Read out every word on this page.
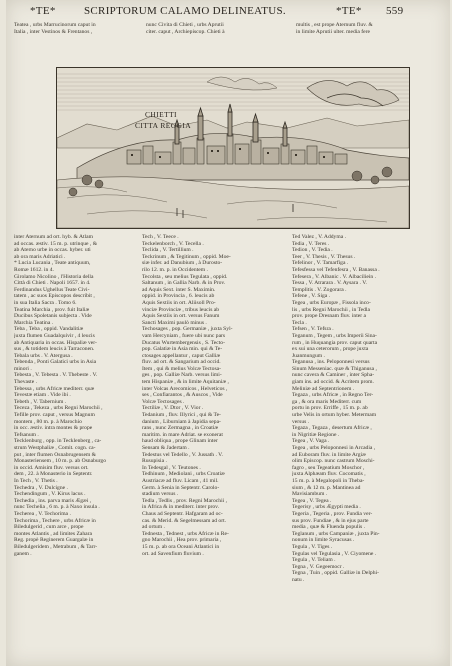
*TE*	SCRIPTORUM CALAMO DELINEATUS.	*TE* 559
Teatea , urbs Marrucinorum caput in
Italia , inter Vestinos & Frentanos ,
nunc Civita di Chieti , urbs Aprutii
citer. caput , Archiepiscop. Chieti à
multis , est prope Aternum fluv. &
in limite Aprutii ulter. media fere
CHIETTI
CITTA REGGIA
inter Aternum ad ort. hyb. & Atlam
ad occas. æstiv. 15 m. p. utrinque , &
ab Aterno urbe in occas. hyber. uti
ab ora maris Adriatici .
* Lucia Lucania , Teate antiquum,
Romæ 1612. in 4.
Girolamo Nicolino , l'Historia della
Città di Chieti . Napoli 1657. in 4.
Ferdinandus Ughellus Teate Civi-
tatem , ac suos Episcopos describit ,
in sua Italia Sacra . Tomo 6.
Teatina Marchia , prov. fuit Italiæ
Ducibus Spoletanis subjecta . Vide
Marchia Teatina .
Teba , Teba , oppid. Vandalitiæ
juxta flumen Guadalquivir , 4 leucis
ab Antiquaria in occas. Hispaliæ ver-
sus , & totidem leucis à Tarraconen.
Tebala urbs . V. Atergusa .
Tebenda , Ponti Galatici urbs in Asia
minori .
Tebesta , V. Tebesta . V. Thebeste . V.
Thevaste .
Tebessa , urbs Africæ mediterr. quæ
Tevestæ etiam . Vide ibi .
Tebeth , V. Tabernium .
Teceza , Tekeza , urbs Regni Marochii ,
Tefille prov. caput , versus Magnum
montem , 80 m. p. à Marochio
in occ. æstiv. intra montes & prope
Tefsanum .
Tecklenburg , opp. in Tecklenberg , ca-
strum Westphaliæ , Comit. cogn. ca-
put , inter flumen Osnabrugensem &
Monasteriensem , 10 m. p. ab Osnaburgo
in occid. Amisim fluv. versus ort.
dem , 22. à Monasterio in Septentr.
In Tech , V. Thetis .
Techedra , V. Dulcigne .
Techendingum , V. Kirus lacus .
Techedia , ins. parva maris Ægæi ,
nunc Techelia , 6 m. p. à Naxo insula .
Techerea , V. Techorima .
Techorima , Techere , urbs Africæ in
Biledulgerid , cum arce , prope
montes Atlantis , ad limites Zahara
Reg. propè Reginerem Guargalæ in
Biledulgeridem , Metrabum , & Tarr-
ganem .
Tech , V. Teece .
Teckelenborch , V. Tecella .
Teclida , V. Tertillium .
Teckrinum , & Tegitinum , oppid. Moe-
siæ infer. ad Danubium , à Durosto-
rilo 12. m. p. in Occidentem .
Tecolsta , seu melius Tegulata , oppid.
Saltanum , in Gallia Narb. & in Prov.
ad Aquis Sext. inter S. Maximin.
oppid. in Provincia , 6. leucis ab
Aquis Sextiis in ort. Aliisoll Pro-
vinciæ Provinciæ , tribus leucis ab
Aquis Sextiis in ort. versus Fanum
Sancti Maximi paulò minus .
Techosages , pop. Germaniæ , juxta Syl-
vam Hercyniam , fuere ubi nunc pars
Ducatus Wurtembergensis , S. Tecto-
pop. Galatiæ in Asia min. qui & Te-
ctosages appellantur , caput Galliæ
fluv. ad ort. & Sangarium ad occid.
Item , qui & melius Volcæ Tectosa-
ges , pop. Galliæ Narb. versus limi-
tem Hispaniæ , & in limite Aquitaniæ ,
inter Volcas Arecomicos , Helveticos ,
ses , Confiarantos , & Auscos , Vide
Volcæ Tectosages .
Tectiliæ , V. Dtor , V. Vior .
Tedanium , fluv. Illyrici , qui & Te-
danium , Liburniam à Japidia sepa-
rans , nunc Zermagna , in Croatiæ
maritim. in mare Adriat. se exonerat
haud obliqua , prope Glinam inter
Sensam & Jadertam .
Tedestus vel Tedello , V. Jussath . V.
Rusupisia .
In Tedesgal , V. Teutones .
Tedhinum , Mediolani , urbs Croatiæ
Austriacæ ad fluv. Licam , 41 mil.
Germ. à Senia in Septentr. Carolo-
stadium versus .
Tedla , Tedlis , prov. Regni Marochii ,
in Africa & in mediterr. inter prov.
Chaus ad Septentr. Hafgaram ad oc-
cas. & Merid. & Segelmessam ad ort.
ad ortum .
Tednesta , Tednest , urbs Africæ in Re-
gno Marochii , Hea prov. primaria ,
15 m. p. ab ora Oceani Atlantici in
ort. ad Savenfium fluvium .
Ted Valez , V. Addyma .
Tedia , V. Teres .
Tedion , V. Tedia .
Teer , V. Thesis , V. Thesus .
Tefelinor , V. Tamarfiga .
Tefesfessa vel Tefenfesra , V. Banassa .
Tefesera , V. Albanic . V. Albaciliein .
Tessa , V. Atrarara . V. Aysara . V.
Templitis . V. Zogorara .
Tefene , V. Siga .
Tegea , urbs Europæ , Fissola inco-
lis , urbs Regni Marochii , in Tedla
prov. prope Dresnam fluv. inter a
Tecla .
Tefsen , V. Tefsra .
Teganum , Tegem , urbs Imperii Sina-
rum , in Huquangia prov. caput quarta
ex sui una ceterorum , prope juxta
Juanmungum .
Teganusa , ins. Peloponnesi versus
Sinum Messeniac. quæ & Thiganusa ,
nunc cavera & Caminer , inter Spha-
giam ins. ad occid. & Acritem prom.
Meliniæ ad Septentrionem .
Tegaza , urbs Africæ , in Regno Ter-
ga , & ora maris Mediterr. cum
portu in prov. Erriffe , 15 m. p. ab
urbe Velis in ortum hyber. Metermam
versus .
Tegaza , Tegaza , desertum Africæ ,
in Nigritiæ Regione .
Tegea , V. Vaga .
Tegea , urbs Peloponnesi in Arcadia ,
ad Euboram fluv. in limite Argiæ
olim Episcop. nunc castrum Moschi-
fagro , seu Tegeatium Moschor ,
juxta Alphæam fluv. Cocomatis ,
15 m. p. à Megalopoli in Theba-
sium , & 12 m. p. Mantinea ad
Mavisiambum .
Tegea , V. Tegea .
Tegerisy , urbs Ægypti media .
Tegeria , Tegeria , prov. Fundia ver-
sus prov. Fundiae , & in ejus parte
media , quæ & Fluenda populis .
Teglanum , urbs Campaniæ , juxta Pin-
nonum in limite Syracusas .
Tegula , V. Tiges .
Tegulas vel Tegulasia , V. Ciyomene .
Tegula , V. Teliam .
Tegna , V. Gegeemocr .
Tegna , Tuin , oppid. Galliæ in Delphi-
natu .
